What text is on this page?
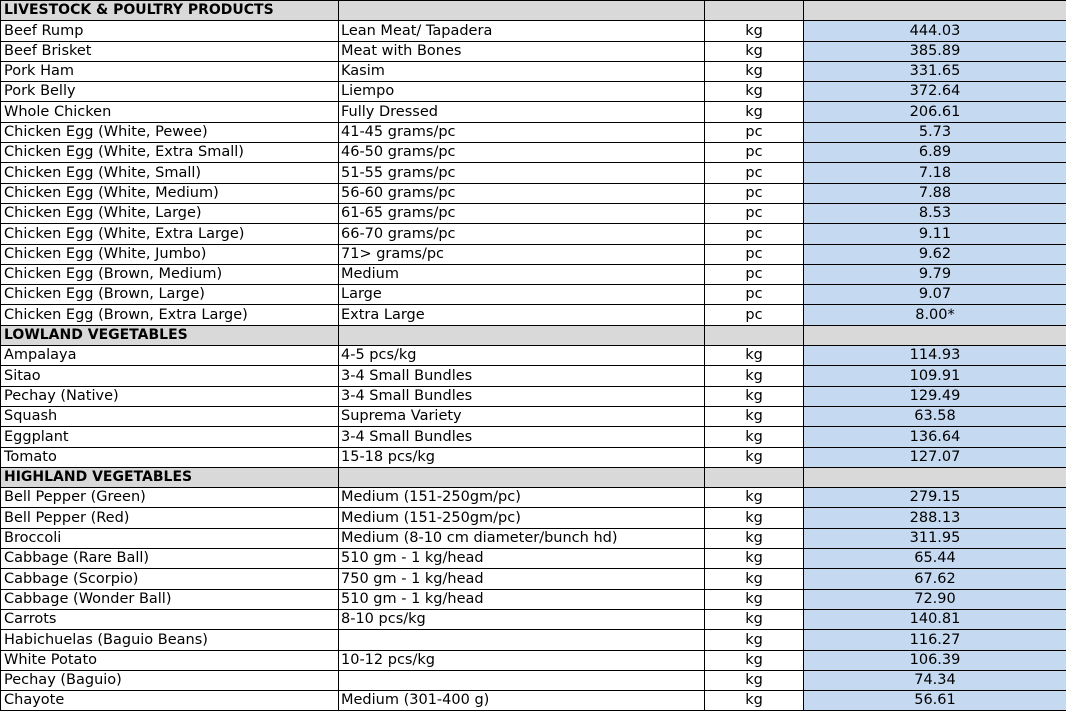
LIVESTOCK & POULTRY PRODUCTS			
Beef Rump	Lean Meat/ Tapadera	kg	444.03
Beef Brisket	Meat with Bones	kg	385.89
Pork Ham	Kasim	kg	331.65
Pork Belly	Liempo	kg	372.64
Whole Chicken	Fully Dressed	kg	206.61
Chicken Egg (White, Pewee)	41-45 grams/pc	pc	5.73
Chicken Egg (White, Extra Small)	46-50 grams/pc	pc	6.89
Chicken Egg (White, Small)	51-55 grams/pc	pc	7.18
Chicken Egg (White, Medium)	56-60 grams/pc	pc	7.88
Chicken Egg (White, Large)	61-65 grams/pc	pc	8.53
Chicken Egg (White, Extra Large)	66-70 grams/pc	pc	9.11
Chicken Egg (White, Jumbo)	71> grams/pc	pc	9.62
Chicken Egg (Brown, Medium)	Medium	pc	9.79
Chicken Egg (Brown, Large)	Large	pc	9.07
Chicken Egg (Brown, Extra Large)	Extra Large	pc	8.00*
LOWLAND VEGETABLES			
Ampalaya	4-5 pcs/kg	kg	114.93
Sitao	3-4 Small Bundles	kg	109.91
Pechay (Native)	3-4 Small Bundles	kg	129.49
Squash	Suprema Variety	kg	63.58
Eggplant	3-4 Small Bundles	kg	136.64
Tomato	15-18 pcs/kg	kg	127.07
HIGHLAND VEGETABLES			
Bell Pepper (Green)	Medium (151-250gm/pc)	kg	279.15
Bell Pepper (Red)	Medium (151-250gm/pc)	kg	288.13
Broccoli	Medium (8-10 cm diameter/bunch hd)	kg	311.95
Cabbage (Rare Ball)	510 gm - 1 kg/head	kg	65.44
Cabbage (Scorpio)	750 gm - 1 kg/head	kg	67.62
Cabbage (Wonder Ball)	510 gm - 1 kg/head	kg	72.90
Carrots	8-10 pcs/kg	kg	140.81
Habichuelas (Baguio Beans)		kg	116.27
White Potato	10-12 pcs/kg	kg	106.39
Pechay (Baguio)		kg	74.34
Chayote	Medium (301-400 g)	kg	56.61
